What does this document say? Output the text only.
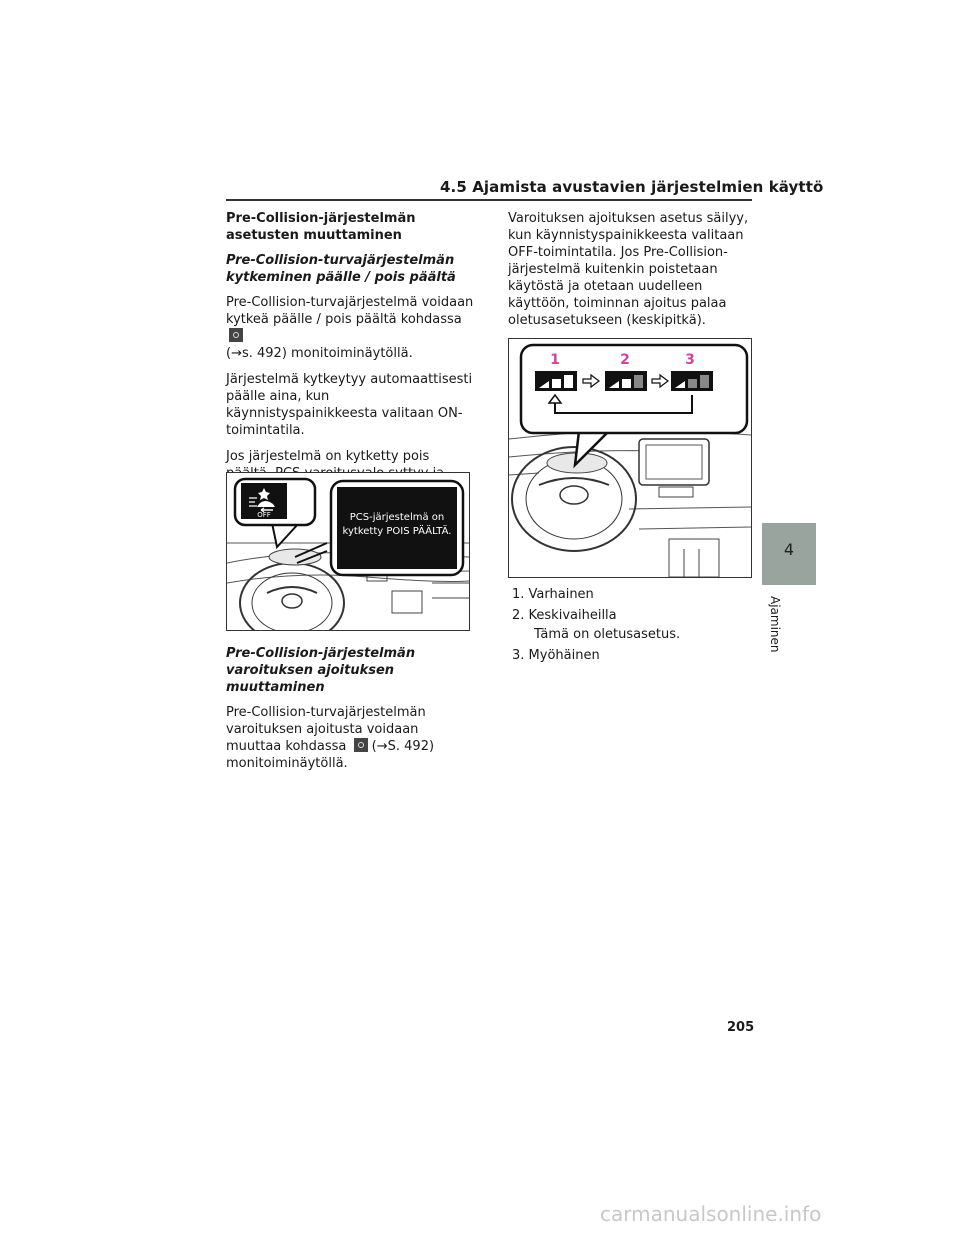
4.5 Ajamista avustavien järjestelmien käyttö
Pre-Collision-järjestelmän asetusten muuttaminen
Pre-Collision-turvajärjestelmän kytkeminen päälle / pois päältä

Pre-Collision-turvajärjestelmä voidaan kytkeä päälle / pois päältä kohdassa
(→s. 492) monitoiminäytöllä.

Järjestelmä kytkeytyy automaattisesti päälle aina, kun käynnistyspainikkeesta valitaan ON-toimintatila.

Jos järjestelmä on kytketty pois

OFF	PCS-järjestelmä on
kytketty POIS PÄÄLTÄ.
Pre-Collision-järjestelmän varoituksen ajoituksen muuttaminen

Pre-Collision-turvajärjestelmän varoituksen ajoitusta voidaan muuttaa kohdassa (→S. 492) monitoiminäytöllä.

Varoituksen ajoituksen asetus säilyy, kun käynnistyspainikkeesta valitaan OFF-toimintatila. Jos Pre-Collision-järjestelmä kuitenkin poistetaan käytöstä ja otetaan uudelleen käyttöön, toiminnan ajoitus palaa oletusasetukseen (keskipitkä).

1	2	3
1. Varhainen
2. Keskivaiheilla
Tämä on oletusasetus.
3. Myöhäinen
4
Ajaminen
205
carmanualsonline.info
